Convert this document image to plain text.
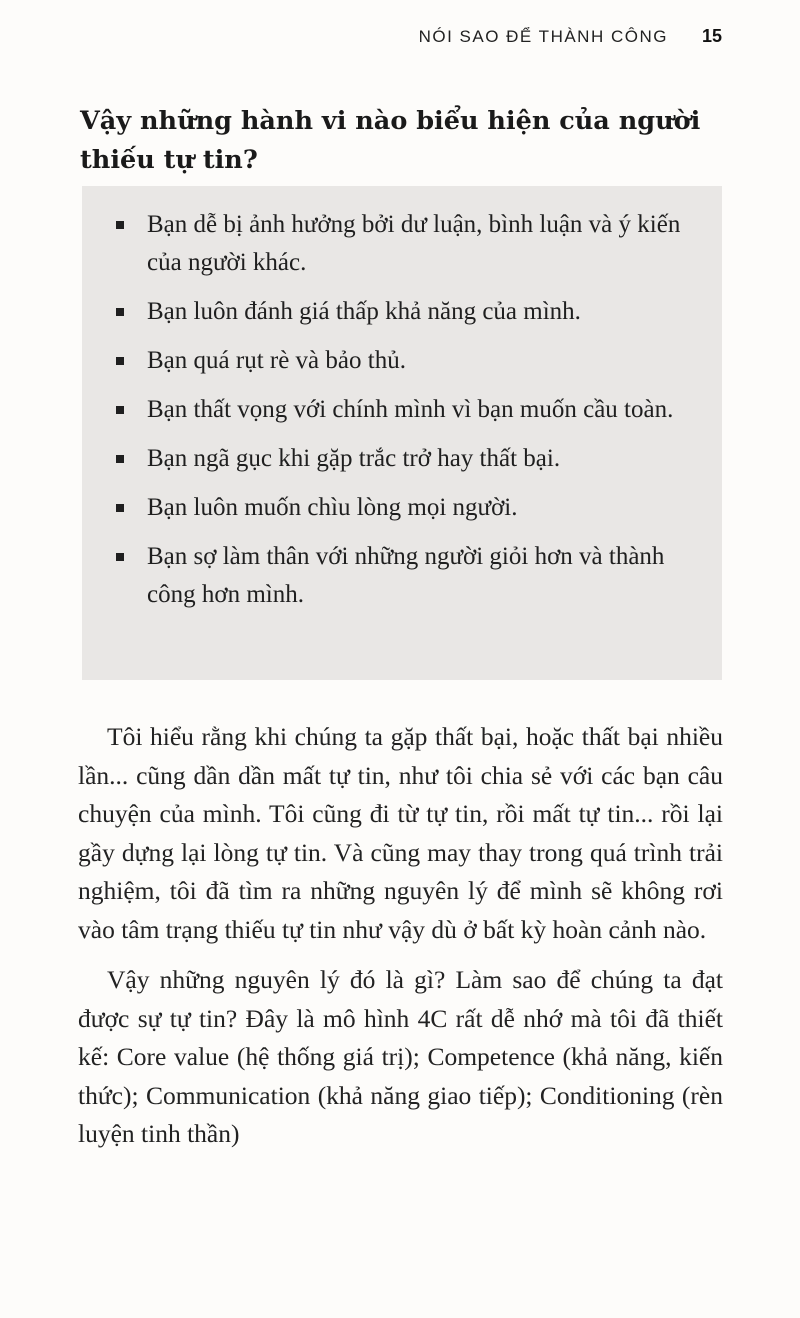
NÓI SAO ĐỂ THÀNH CÔNG 15
Vậy những hành vi nào biểu hiện của người thiếu tự tin?
Bạn dễ bị ảnh hưởng bởi dư luận, bình luận và ý kiến của người khác.
Bạn luôn đánh giá thấp khả năng của mình.
Bạn quá rụt rè và bảo thủ.
Bạn thất vọng với chính mình vì bạn muốn cầu toàn.
Bạn ngã gục khi gặp trắc trở hay thất bại.
Bạn luôn muốn chìu lòng mọi người.
Bạn sợ làm thân với những người giỏi hơn và thành công hơn mình.

Tôi hiểu rằng khi chúng ta gặp thất bại, hoặc thất bại nhiều lần... cũng dần dần mất tự tin, như tôi chia sẻ với các bạn câu chuyện của mình. Tôi cũng đi từ tự tin, rồi mất tự tin... rồi lại gầy dựng lại lòng tự tin. Và cũng may thay trong quá trình trải nghiệm, tôi đã tìm ra những nguyên lý để mình sẽ không rơi vào tâm trạng thiếu tự tin như vậy dù ở bất kỳ hoàn cảnh nào.

Vậy những nguyên lý đó là gì? Làm sao để chúng ta đạt được sự tự tin? Đây là mô hình 4C rất dễ nhớ mà tôi đã thiết kế: Core value (hệ thống giá trị); Competence (khả năng, kiến thức); Communication (khả năng giao tiếp); Conditioning (rèn luyện tinh thần)
